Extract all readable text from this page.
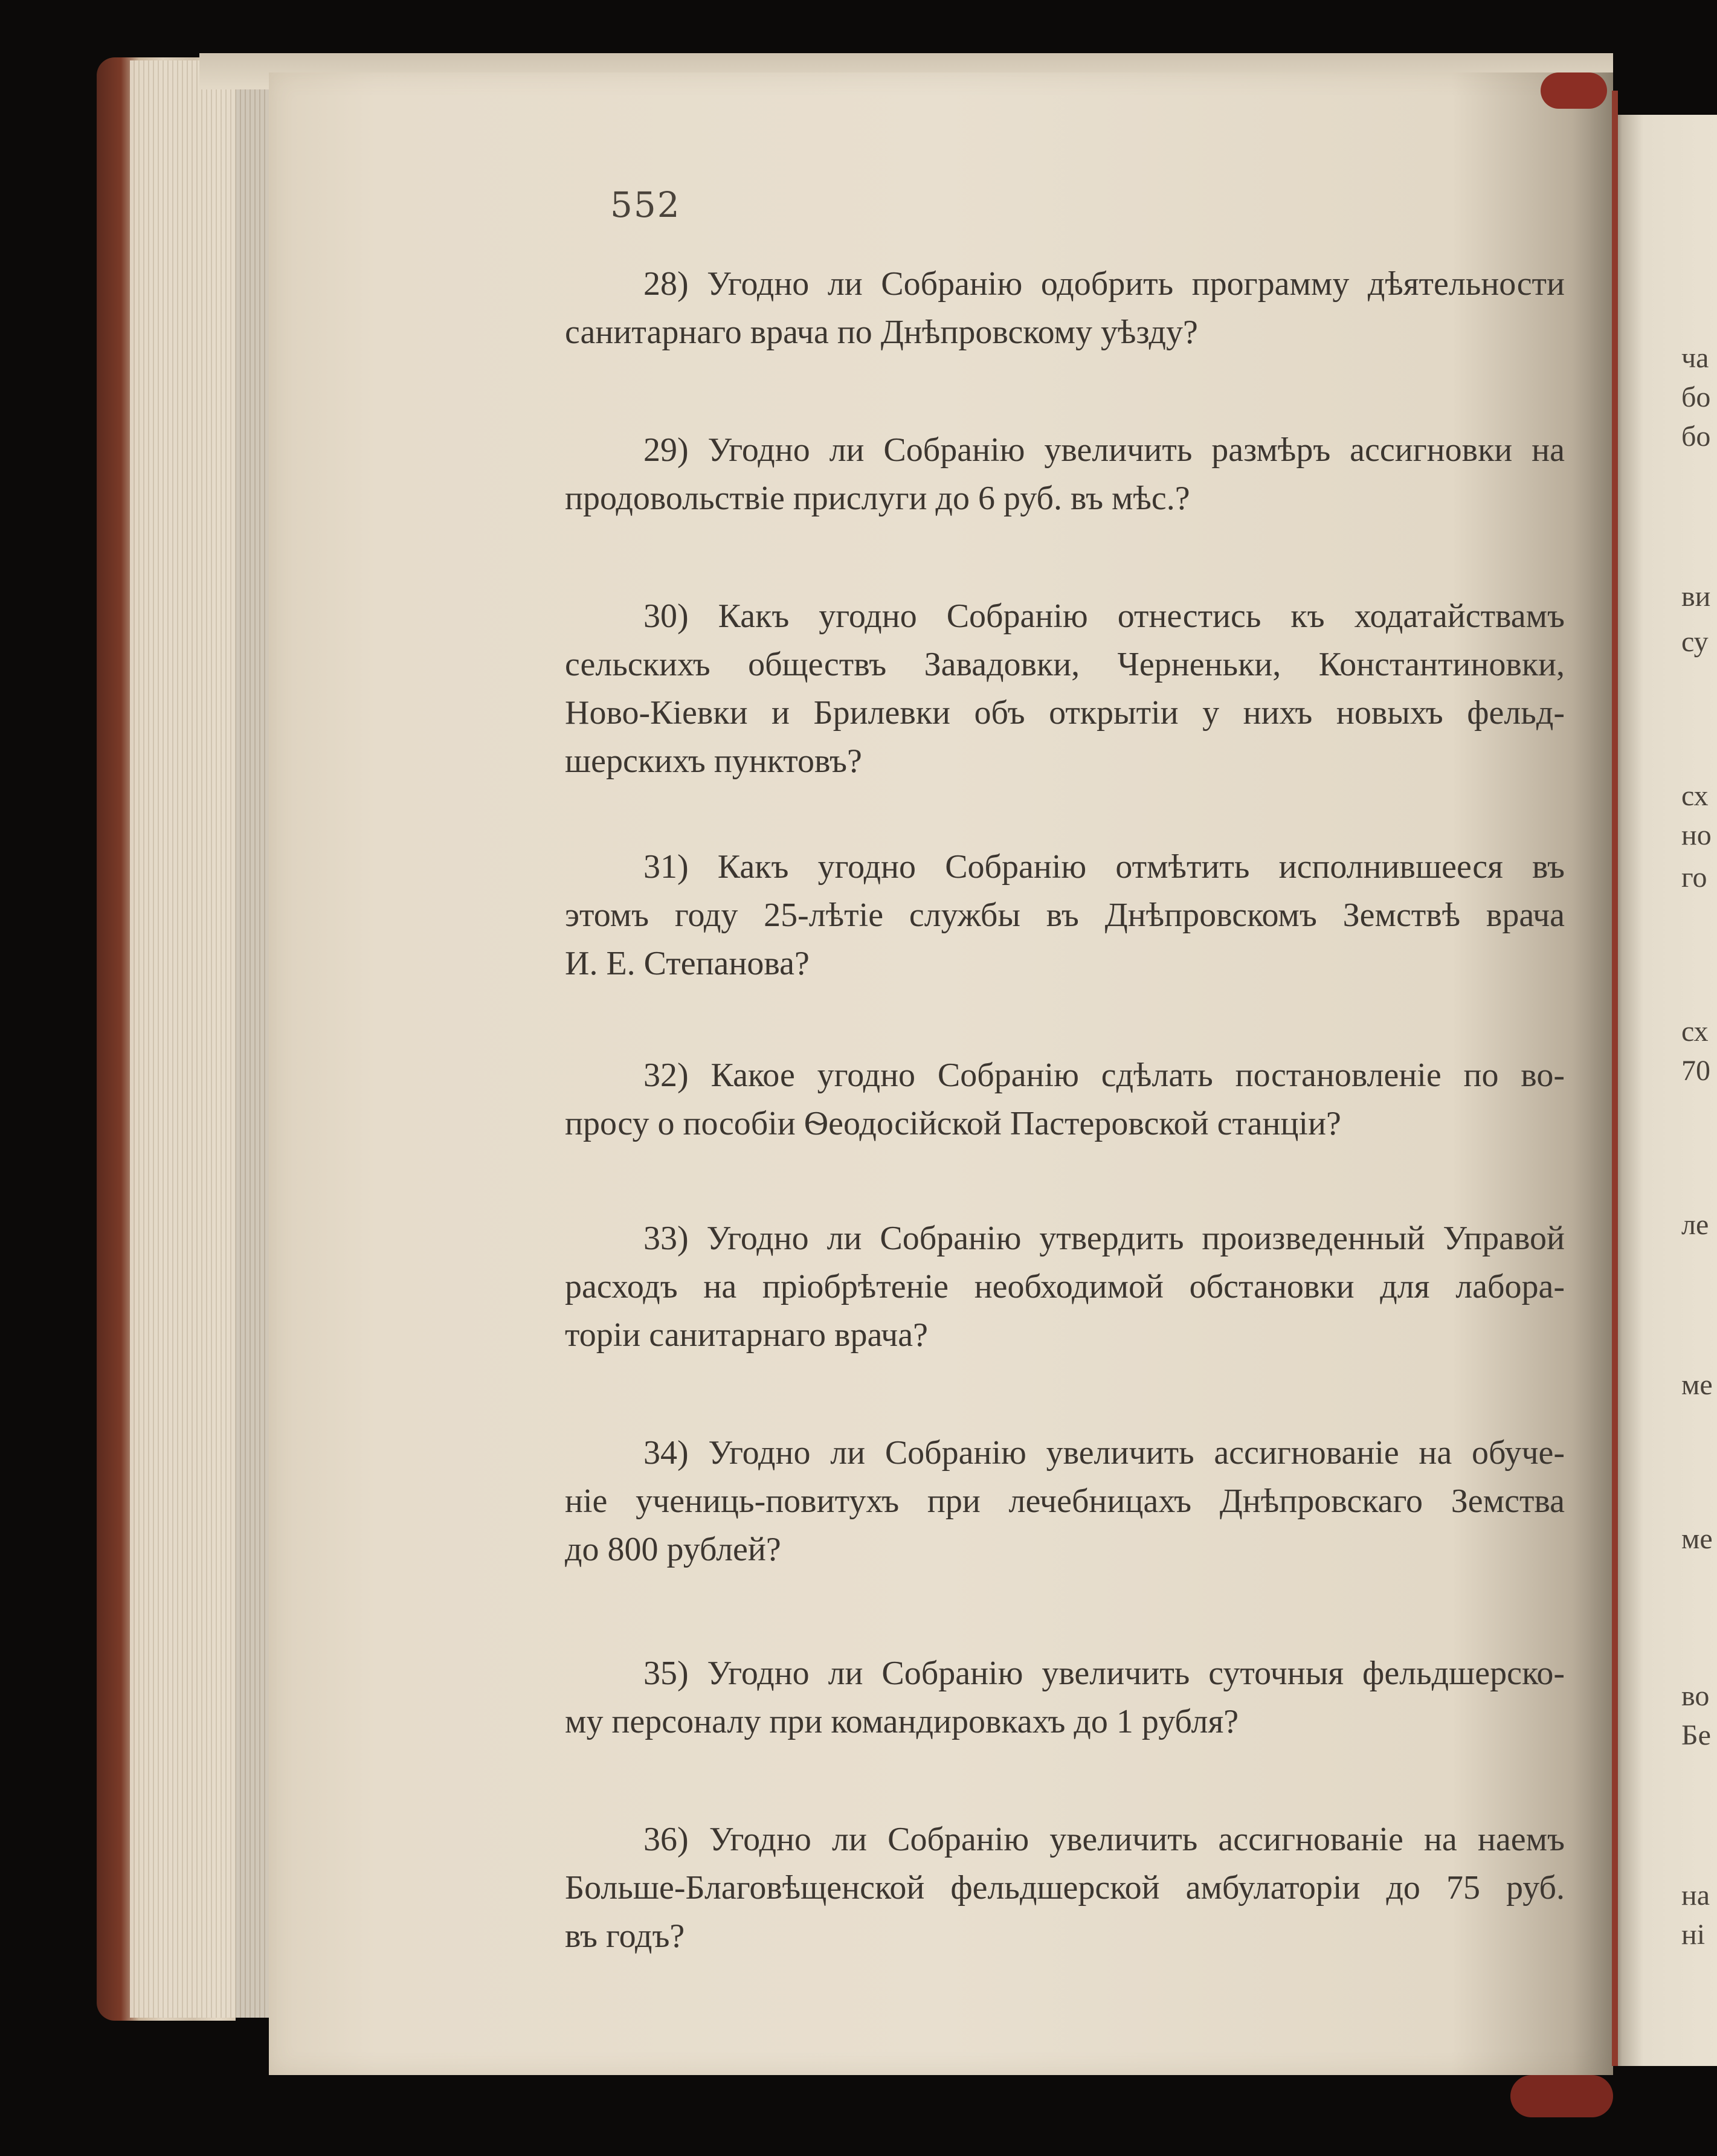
552
28) Угодно ли Собранію одобрить программу дѣятельности
санитарнаго врача по Днѣпровскому уѣзду?
29) Угодно ли Собранію увеличить размѣръ ассигновки на
продовольствіе прислуги до 6 руб. въ мѣс.?
30) Какъ угодно Собранію отнестись къ ходатайствамъ
сельскихъ обществъ Завадовки, Черненьки, Константиновки,
Ново-Кіевки и Брилевки объ открытіи у нихъ новыхъ фельд-
шерскихъ пунктовъ?
31) Какъ угодно Собранію отмѣтить исполнившееся въ
этомъ году 25-лѣтіе службы въ Днѣпровскомъ Земствѣ врача
И. Е. Степанова?
32) Какое угодно Собранію сдѣлать постановленіе по во-
просу о пособіи Ѳеодосійской Пастеровской станціи?
33) Угодно ли Собранію утвердить произведенный Управой
расходъ на пріобрѣтеніе необходимой обстановки для лабора-
торіи санитарнаго врача?
34) Угодно ли Собранію увеличить ассигнованіе на обуче-
ніе учениць-повитухъ при лечебницахъ Днѣпровскаго Земства
до 800 рублей?
35) Угодно ли Собранію увеличить суточныя фельдшерско-
му персоналу при командировкахъ до 1 рубля?
36) Угодно ли Собранію увеличить ассигнованіе на наемъ
Больше-Благовѣщенской фельдшерской амбулаторіи до 75 руб.
въ годъ?
ча
бо
бо
ви
су
сх
но
го
сх
70
ле
ме
ме
во
Бе
на
ні
